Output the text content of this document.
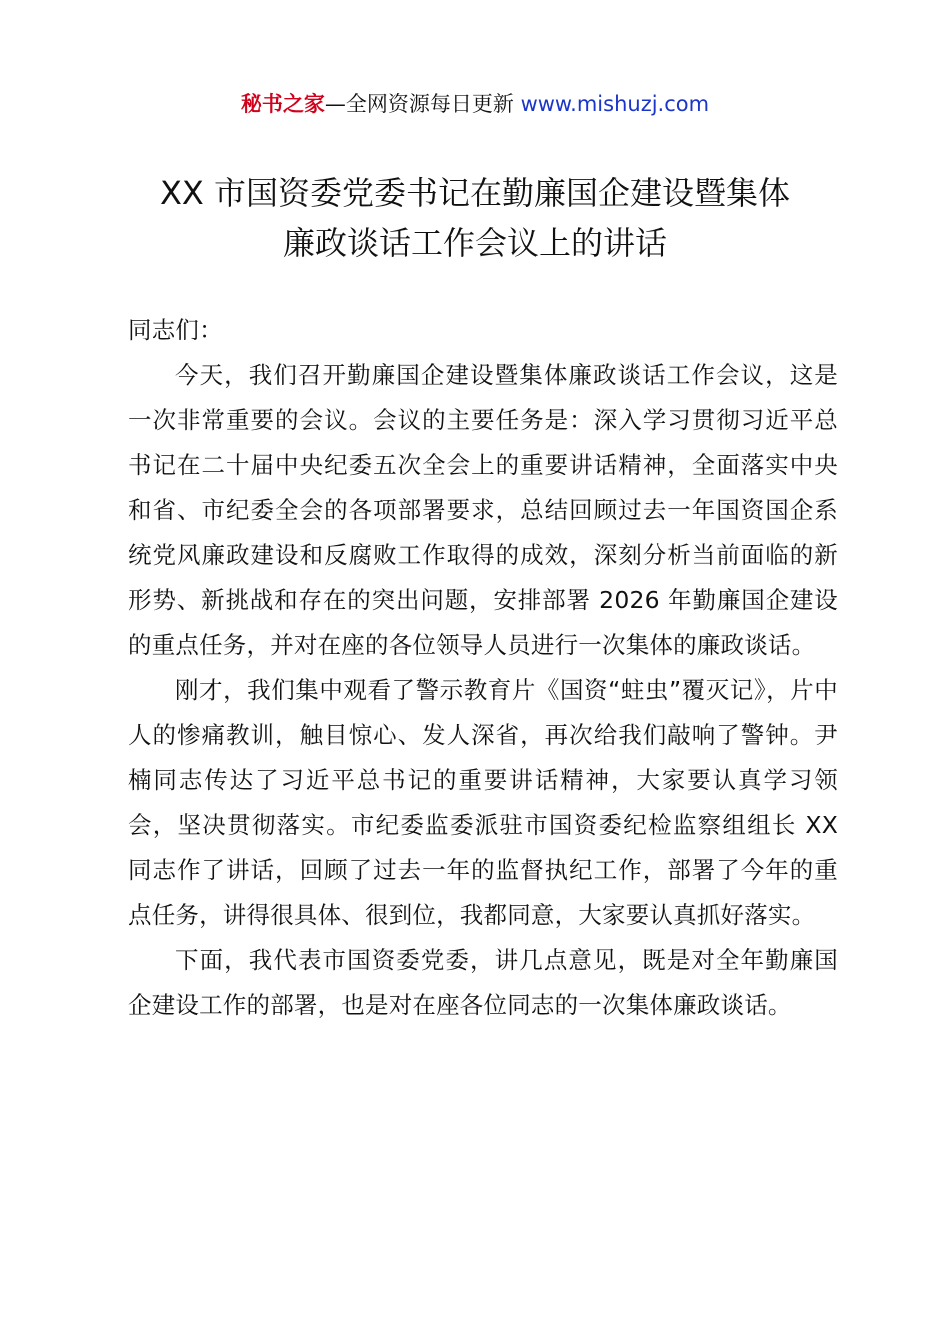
秘书之家—全网资源每日更新 www.mishuzj.com
XX 市国资委党委书记在勤廉国企建设暨集体
廉政谈话工作会议上的讲话

同志们：

今天，我们召开勤廉国企建设暨集体廉政谈话工作会议，这是一次非常重要的会议。会议的主要任务是：深入学习贯彻习近平总书记在二十届中央纪委五次全会上的重要讲话精神，全面落实中央和省、市纪委全会的各项部署要求，总结回顾过去一年国资国企系统党风廉政建设和反腐败工作取得的成效，深刻分析当前面临的新形势、新挑战和存在的突出问题，安排部署 2026 年勤廉国企建设的重点任务，并对在座的各位领导人员进行一次集体的廉政谈话。

刚才，我们集中观看了警示教育片《国资“蛀虫”覆灭记》，片中人的惨痛教训，触目惊心、发人深省，再次给我们敲响了警钟。尹楠同志传达了习近平总书记的重要讲话精神，大家要认真学习领会，坚决贯彻落实。市纪委监委派驻市国资委纪检监察组组长 XX 同志作了讲话，回顾了过去一年的监督执纪工作，部署了今年的重点任务，讲得很具体、很到位，我都同意，大家要认真抓好落实。

下面，我代表市国资委党委，讲几点意见，既是对全年勤廉国企建设工作的部署，也是对在座各位同志的一次集体廉政谈话。
